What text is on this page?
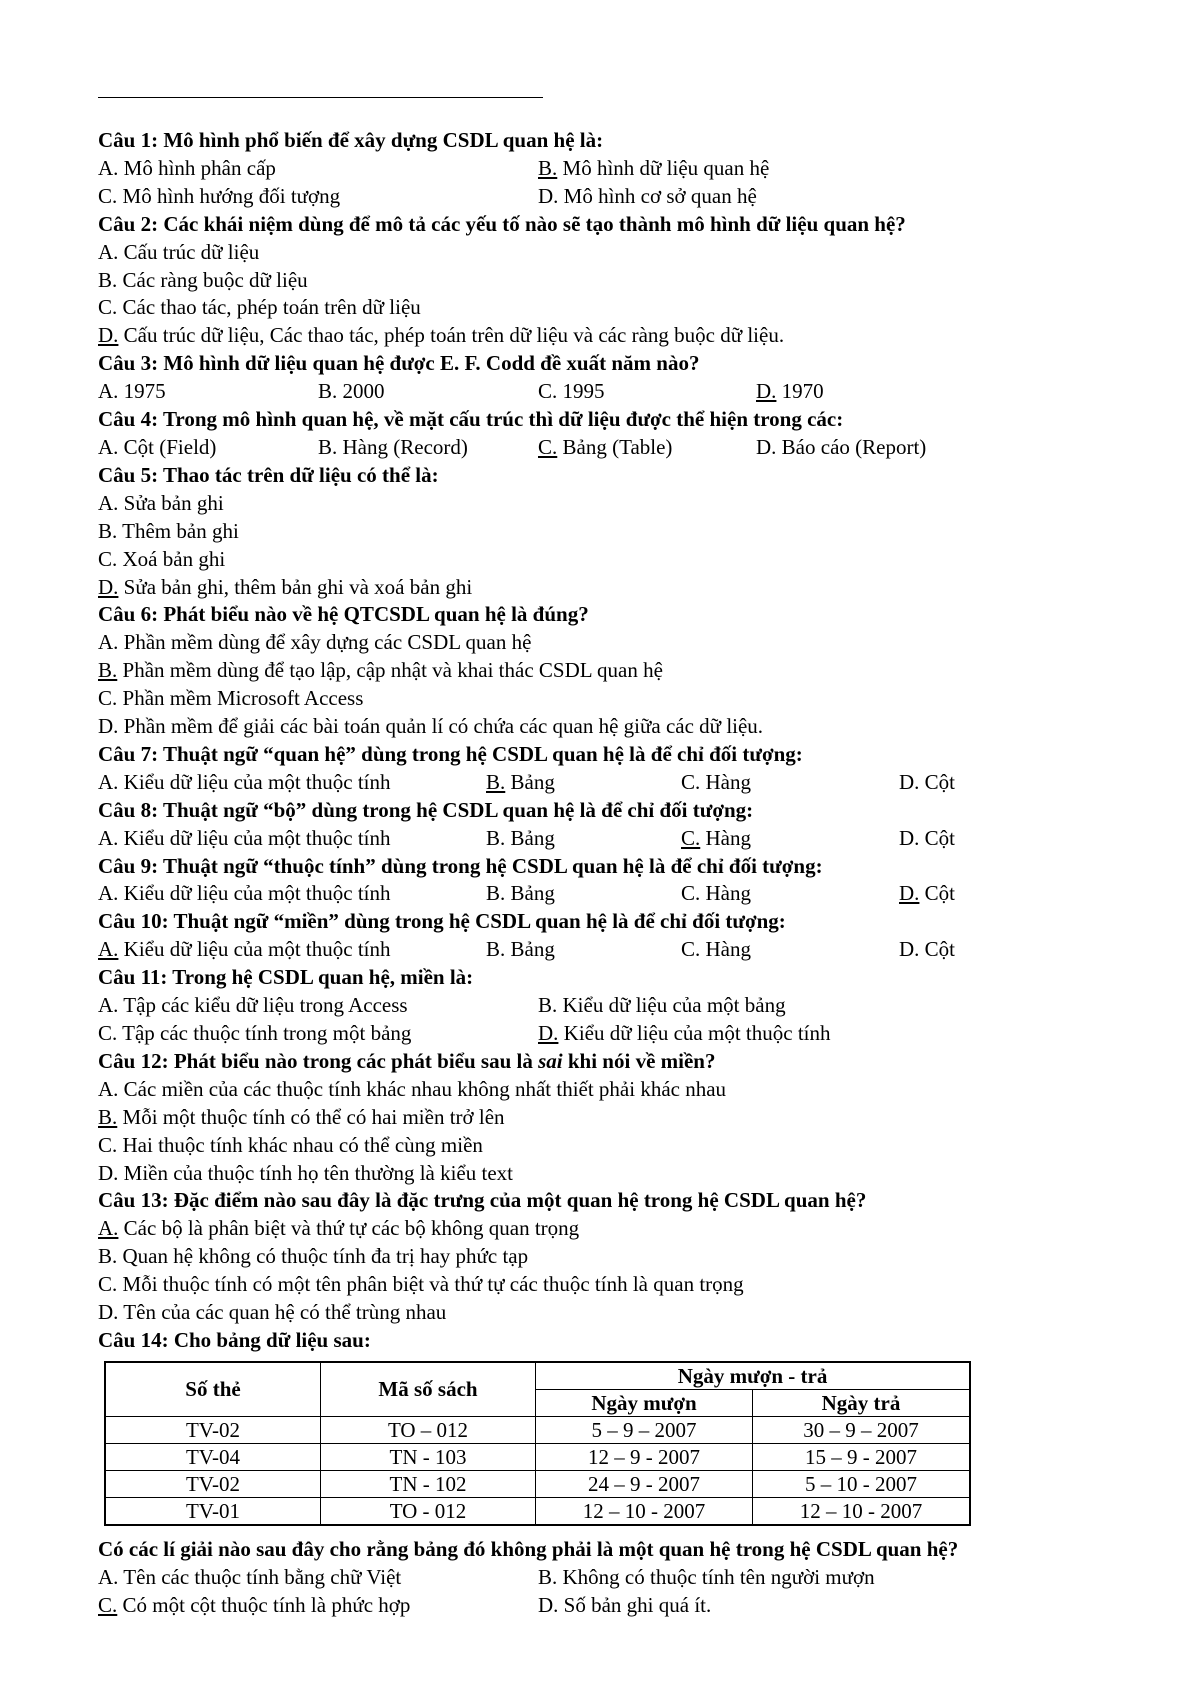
Câu 1: Mô hình phổ biến để xây dựng CSDL quan hệ là:
A. Mô hình phân cấp	B. Mô hình dữ liệu quan hệ
C. Mô hình hướng đối tượng	D. Mô hình cơ sở quan hệ
Câu 2: Các khái niệm dùng để mô tả các yếu tố nào sẽ tạo thành mô hình dữ liệu quan hệ?
A. Cấu trúc dữ liệu
B. Các ràng buộc dữ liệu
C. Các thao tác, phép toán trên dữ liệu
D. Cấu trúc dữ liệu, Các thao tác, phép toán trên dữ liệu và các ràng buộc dữ liệu.
Câu 3: Mô hình dữ liệu quan hệ được E. F. Codd đề xuất năm nào?
A. 1975	B. 2000	C. 1995	D. 1970
Câu 4: Trong mô hình quan hệ, về mặt cấu trúc thì dữ liệu được thể hiện trong các:
A. Cột (Field)	B. Hàng (Record)	C. Bảng (Table)	D. Báo cáo (Report)
Câu 5: Thao tác trên dữ liệu có thể là:
A. Sửa bản ghi
B. Thêm bản ghi
C. Xoá bản ghi
D. Sửa bản ghi, thêm bản ghi và xoá bản ghi
Câu 6: Phát biểu nào về hệ QTCSDL quan hệ là đúng?
A. Phần mềm dùng để xây dựng các CSDL quan hệ
B. Phần mềm dùng để tạo lập, cập nhật và khai thác CSDL quan hệ
C. Phần mềm Microsoft Access
D. Phần mềm để giải các bài toán quản lí có chứa các quan hệ giữa các dữ liệu.
Câu 7: Thuật ngữ “quan hệ” dùng trong hệ CSDL quan hệ là để chỉ đối tượng:
A. Kiểu dữ liệu của một thuộc tính	B. Bảng	C. Hàng	D. Cột
Câu 8: Thuật ngữ “bộ” dùng trong hệ CSDL quan hệ là để chỉ đối tượng:
A. Kiểu dữ liệu của một thuộc tính	B. Bảng	C. Hàng	D. Cột
Câu 9: Thuật ngữ “thuộc tính” dùng trong hệ CSDL quan hệ là để chỉ đối tượng:
A. Kiểu dữ liệu của một thuộc tính	B. Bảng	C. Hàng	D. Cột
Câu 10: Thuật ngữ “miền” dùng trong hệ CSDL quan hệ là để chỉ đối tượng:
A. Kiểu dữ liệu của một thuộc tính	B. Bảng	C. Hàng	D. Cột
Câu 11: Trong hệ CSDL quan hệ, miền là:
A. Tập các kiểu dữ liệu trong Access	B. Kiểu dữ liệu của một bảng
C. Tập các thuộc tính trong một bảng	D. Kiểu dữ liệu của một thuộc tính
Câu 12: Phát biểu nào trong các phát biểu sau là sai khi nói về miền?
A. Các miền của các thuộc tính khác nhau không nhất thiết phải khác nhau
B. Mỗi một thuộc tính có thể có hai miền trở lên
C. Hai thuộc tính khác nhau có thể cùng miền
D. Miền của thuộc tính họ tên thường là kiểu text
Câu 13: Đặc điểm nào sau đây là đặc trưng của một quan hệ trong hệ CSDL quan hệ?
A. Các bộ là phân biệt và thứ tự các bộ không quan trọng
B. Quan hệ không có thuộc tính đa trị hay phức tạp
C. Mỗi thuộc tính có một tên phân biệt và thứ tự các thuộc tính là quan trọng
D. Tên của các quan hệ có thể trùng nhau
Câu 14: Cho bảng dữ liệu sau:
Số thẻ	Mã số sách	Ngày mượn - trả	
		Ngày mượn	Ngày trả
TV-02	TO – 012	5 – 9 – 2007	30 – 9 – 2007
TV-04	TN - 103	12 – 9 - 2007	15 – 9 - 2007
TV-02	TN - 102	24 – 9 - 2007	5 – 10 - 2007
TV-01	TO - 012	12 – 10 - 2007	12 – 10 - 2007
Có các lí giải nào sau đây cho rằng bảng đó không phải là một quan hệ trong hệ CSDL quan hệ?
A. Tên các thuộc tính bằng chữ Việt	B. Không có thuộc tính tên người mượn
C. Có một cột thuộc tính là phức hợp	D. Số bản ghi quá ít.
